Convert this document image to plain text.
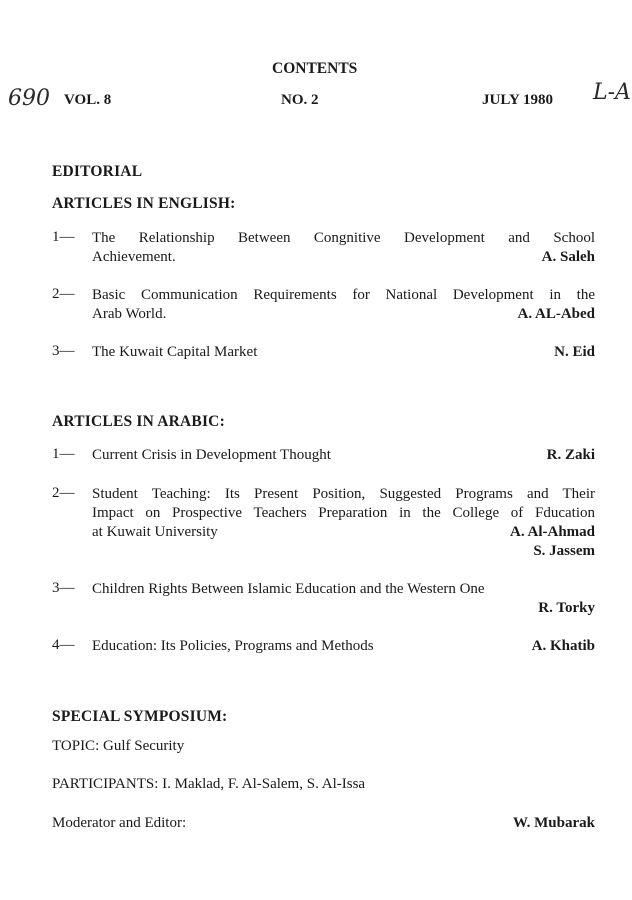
CONTENTS
690 VOL. 8	NO. 2	JULY 1980 L-A
EDITORIAL
ARTICLES IN ENGLISH:
1— The Relationship Between Congnitive Development and School
Achievement.	A. Saleh
2— Basic Communication Requirements for National Development in the
Arab World.	A. AL-Abed
3— The Kuwait Capital Market	N. Eid
ARTICLES IN ARABIC:
1— Current Crisis in Development Thought	R. Zaki
2— Student Teaching: Its Present Position, Suggested Programs and Their
Impact on Prospective Teachers Preparation in the College of Fducation
at Kuwait University	A. Al-Ahmad
S. Jassem
3— Children Rights Between Islamic Education and the Western One
R. Torky
4— Education: Its Policies, Programs and Methods	A. Khatib
SPECIAL SYMPOSIUM:
TOPIC: Gulf Security
PARTICIPANTS: I. Maklad, F. Al-Salem, S. Al-Issa
Moderator and Editor:	W. Mubarak
